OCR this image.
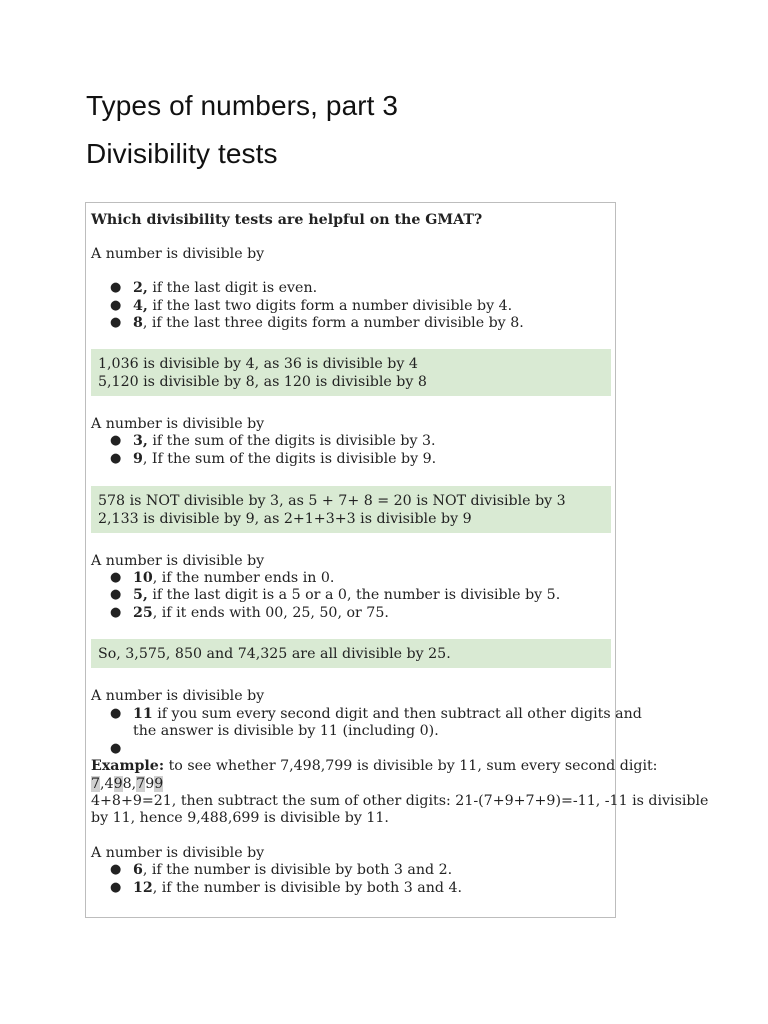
Types of numbers, part 3
Divisibility tests
Which divisibility tests are helpful on the GMAT?
A number is divisible by
● 2, if the last digit is even.
● 4, if the last two digits form a number divisible by 4.
● 8, if the last three digits form a number divisible by 8.
1,036 is divisible by 4, as 36 is divisible by 4
5,120 is divisible by 8, as 120 is divisible by 8
A number is divisible by
● 3, if the sum of the digits is divisible by 3.
● 9, If the sum of the digits is divisible by 9.
578 is NOT divisible by 3, as 5 + 7+ 8 = 20 is NOT divisible by 3
2,133 is divisible by 9, as 2+1+3+3 is divisible by 9
A number is divisible by
● 10, if the number ends in 0.
● 5, if the last digit is a 5 or a 0, the number is divisible by 5.
● 25, if it ends with 00, 25, 50, or 75.
So, 3,575, 850 and 74,325 are all divisible by 25.
A number is divisible by
● 11 if you sum every second digit and then subtract all other digits and
the answer is divisible by 11 (including 0).
●
Example: to see whether 7,498,799 is divisible by 11, sum every second digit:
7,498,799
4+8+9=21, then subtract the sum of other digits: 21-(7+9+7+9)=-11, -11 is divisible
by 11, hence 9,488,699 is divisible by 11.
A number is divisible by
● 6, if the number is divisible by both 3 and 2.
● 12, if the number is divisible by both 3 and 4.
